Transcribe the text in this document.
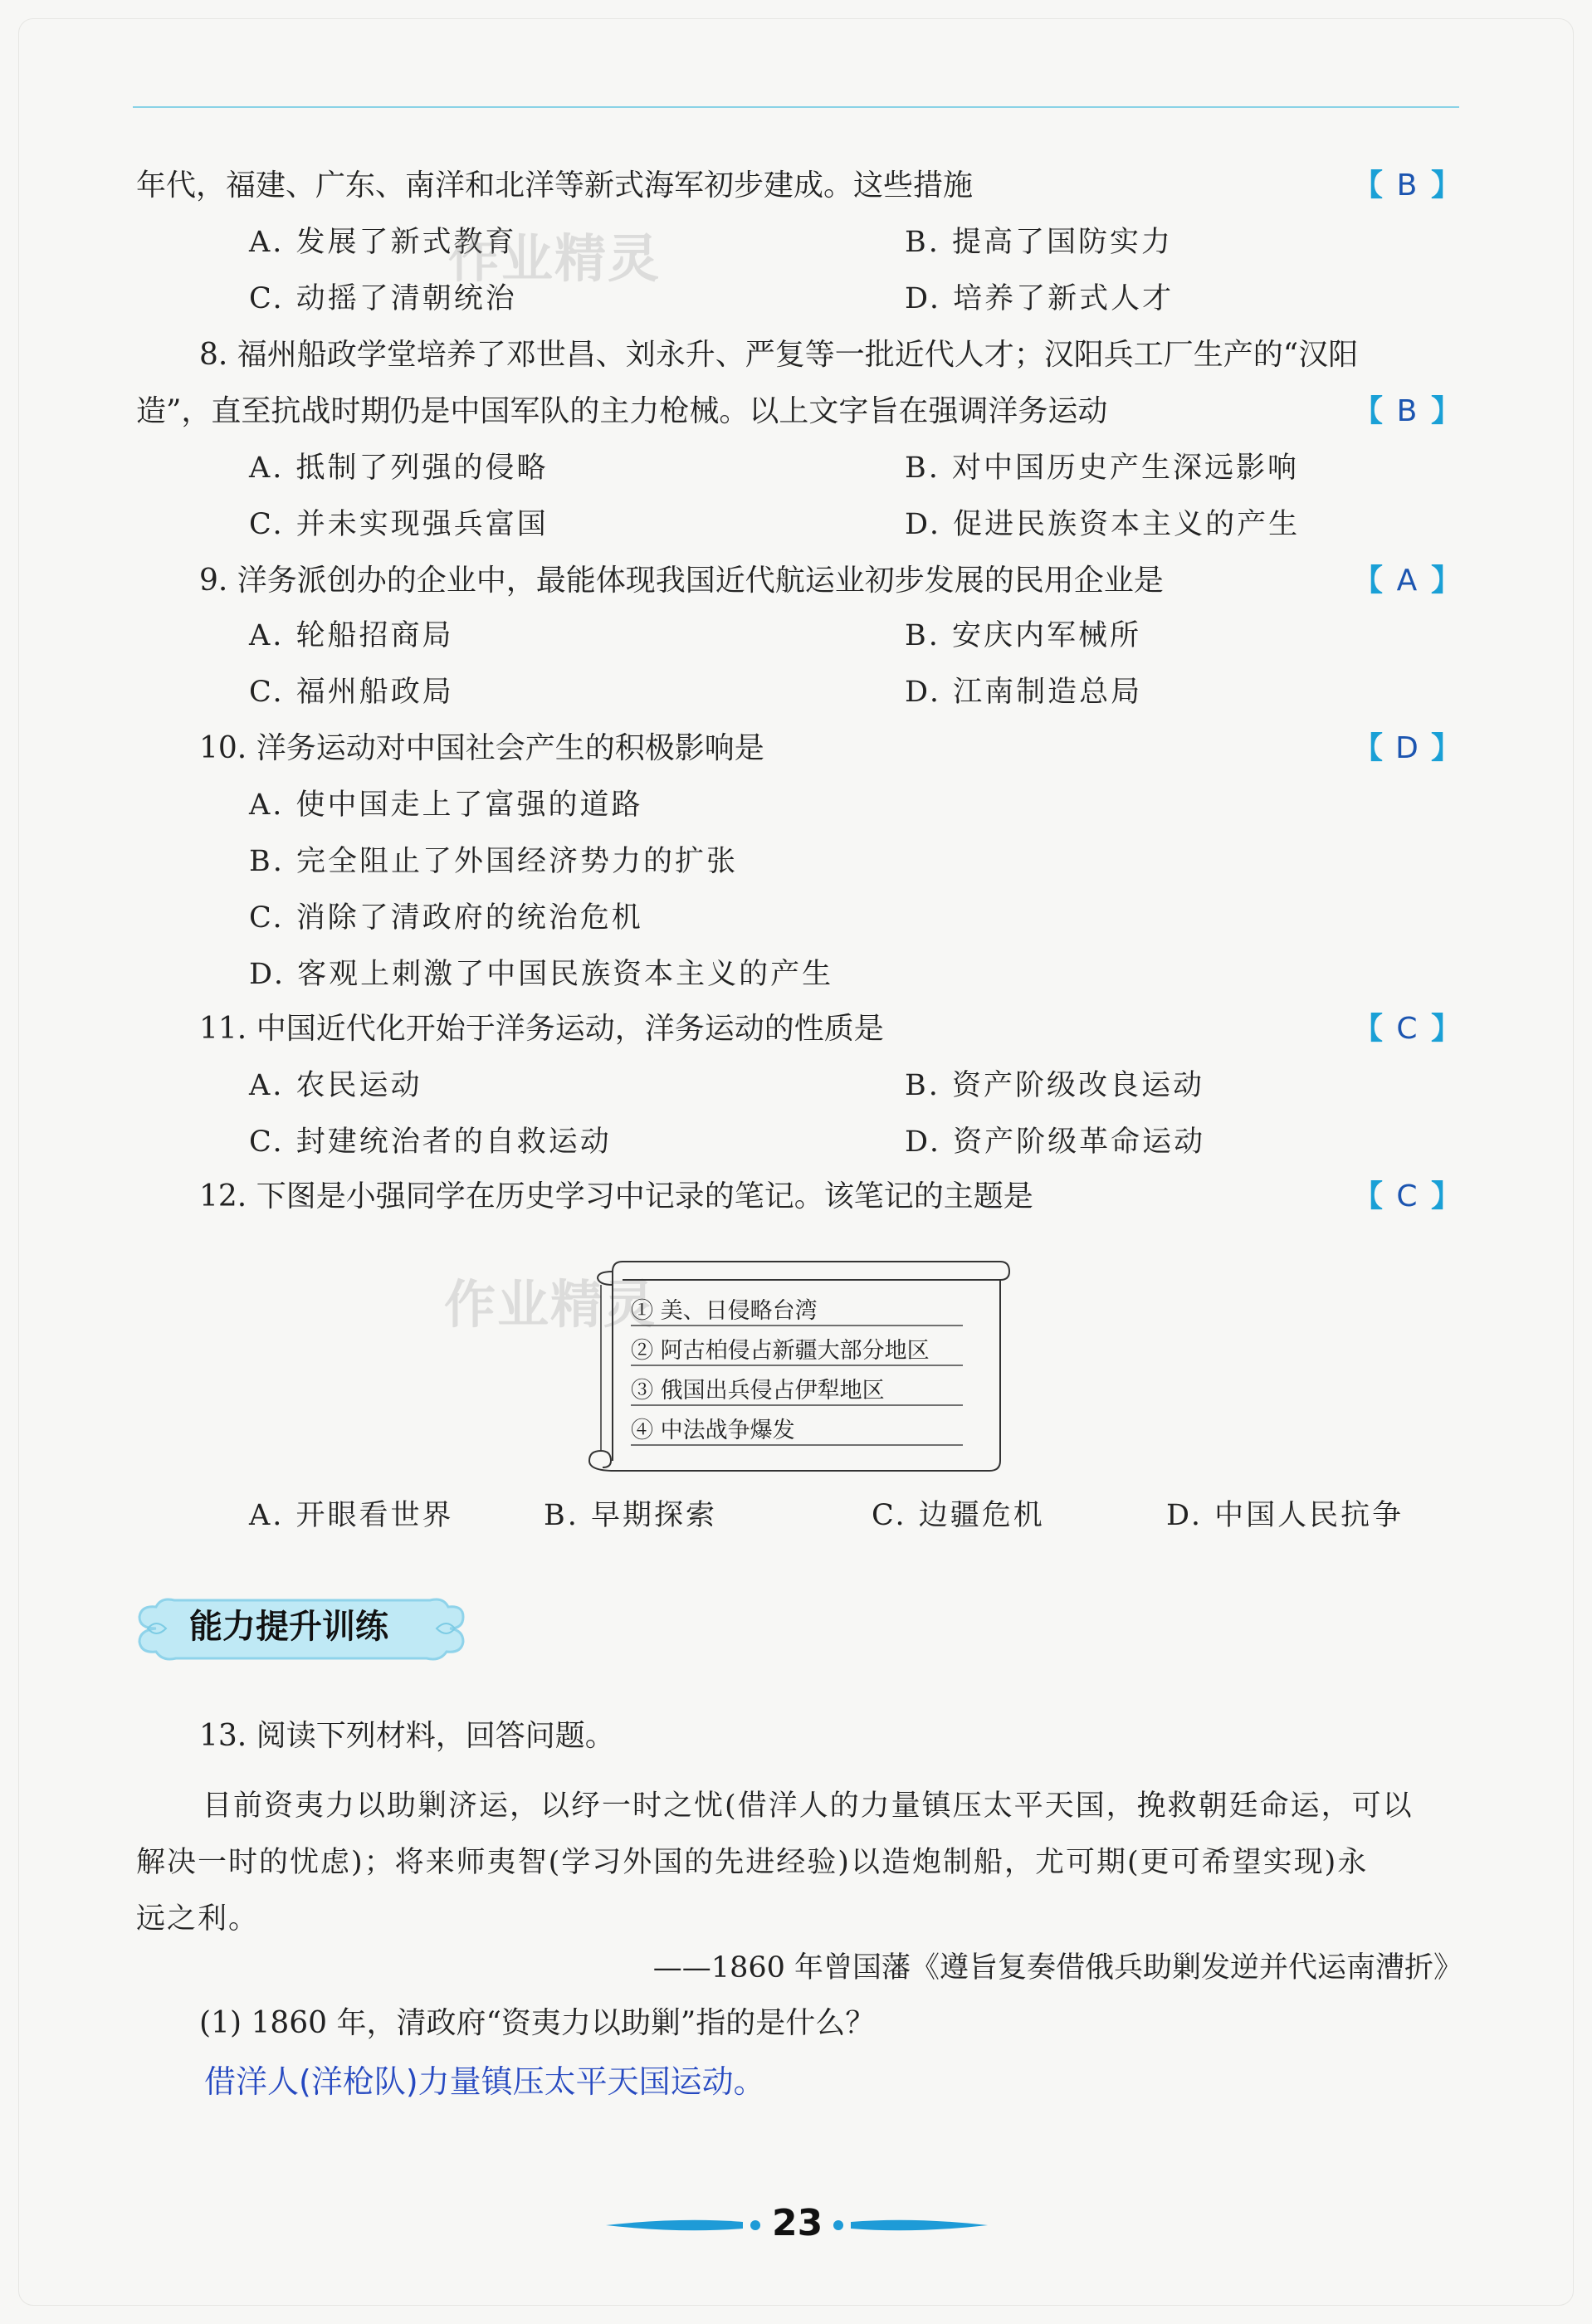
年代，福建、广东、南洋和北洋等新式海军初步建成。这些措施	【 B 】
A. 发展了新式教育	B. 提高了国防实力
C. 动摇了清朝统治	D. 培养了新式人才
作业精灵
8. 福州船政学堂培养了邓世昌、刘永升、严复等一批近代人才；汉阳兵工厂生产的“汉阳
造”，直至抗战时期仍是中国军队的主力枪械。以上文字旨在强调洋务运动	【 B 】
A. 抵制了列强的侵略	B. 对中国历史产生深远影响
C. 并未实现强兵富国	D. 促进民族资本主义的产生
9. 洋务派创办的企业中，最能体现我国近代航运业初步发展的民用企业是	【 A 】
A. 轮船招商局	B. 安庆内军械所
C. 福州船政局	D. 江南制造总局
10. 洋务运动对中国社会产生的积极影响是	【 D 】
A. 使中国走上了富强的道路
B. 完全阻止了外国经济势力的扩张
C. 消除了清政府的统治危机
D. 客观上刺激了中国民族资本主义的产生
11. 中国近代化开始于洋务运动，洋务运动的性质是	【 C 】
A. 农民运动	B. 资产阶级改良运动
C. 封建统治者的自救运动	D. 资产阶级革命运动
12. 下图是小强同学在历史学习中记录的笔记。该笔记的主题是	【 C 】
作业精灵
① 美、日侵略台湾
② 阿古柏侵占新疆大部分地区
③ 俄国出兵侵占伊犁地区
④ 中法战争爆发
A. 开眼看世界	B. 早期探索	C. 边疆危机	D. 中国人民抗争
能力提升训练
13. 阅读下列材料，回答问题。
目前资夷力以助剿济运，以纾一时之忧(借洋人的力量镇压太平天国，挽救朝廷命运，可以
解决一时的忧虑)；将来师夷智(学习外国的先进经验)以造炮制船，尤可期(更可希望实现)永
远之利。
——1860 年曾国藩《遵旨复奏借俄兵助剿发逆并代运南漕折》
(1) 1860 年，清政府“资夷力以助剿”指的是什么？
借洋人(洋枪队)力量镇压太平天国运动。
23
